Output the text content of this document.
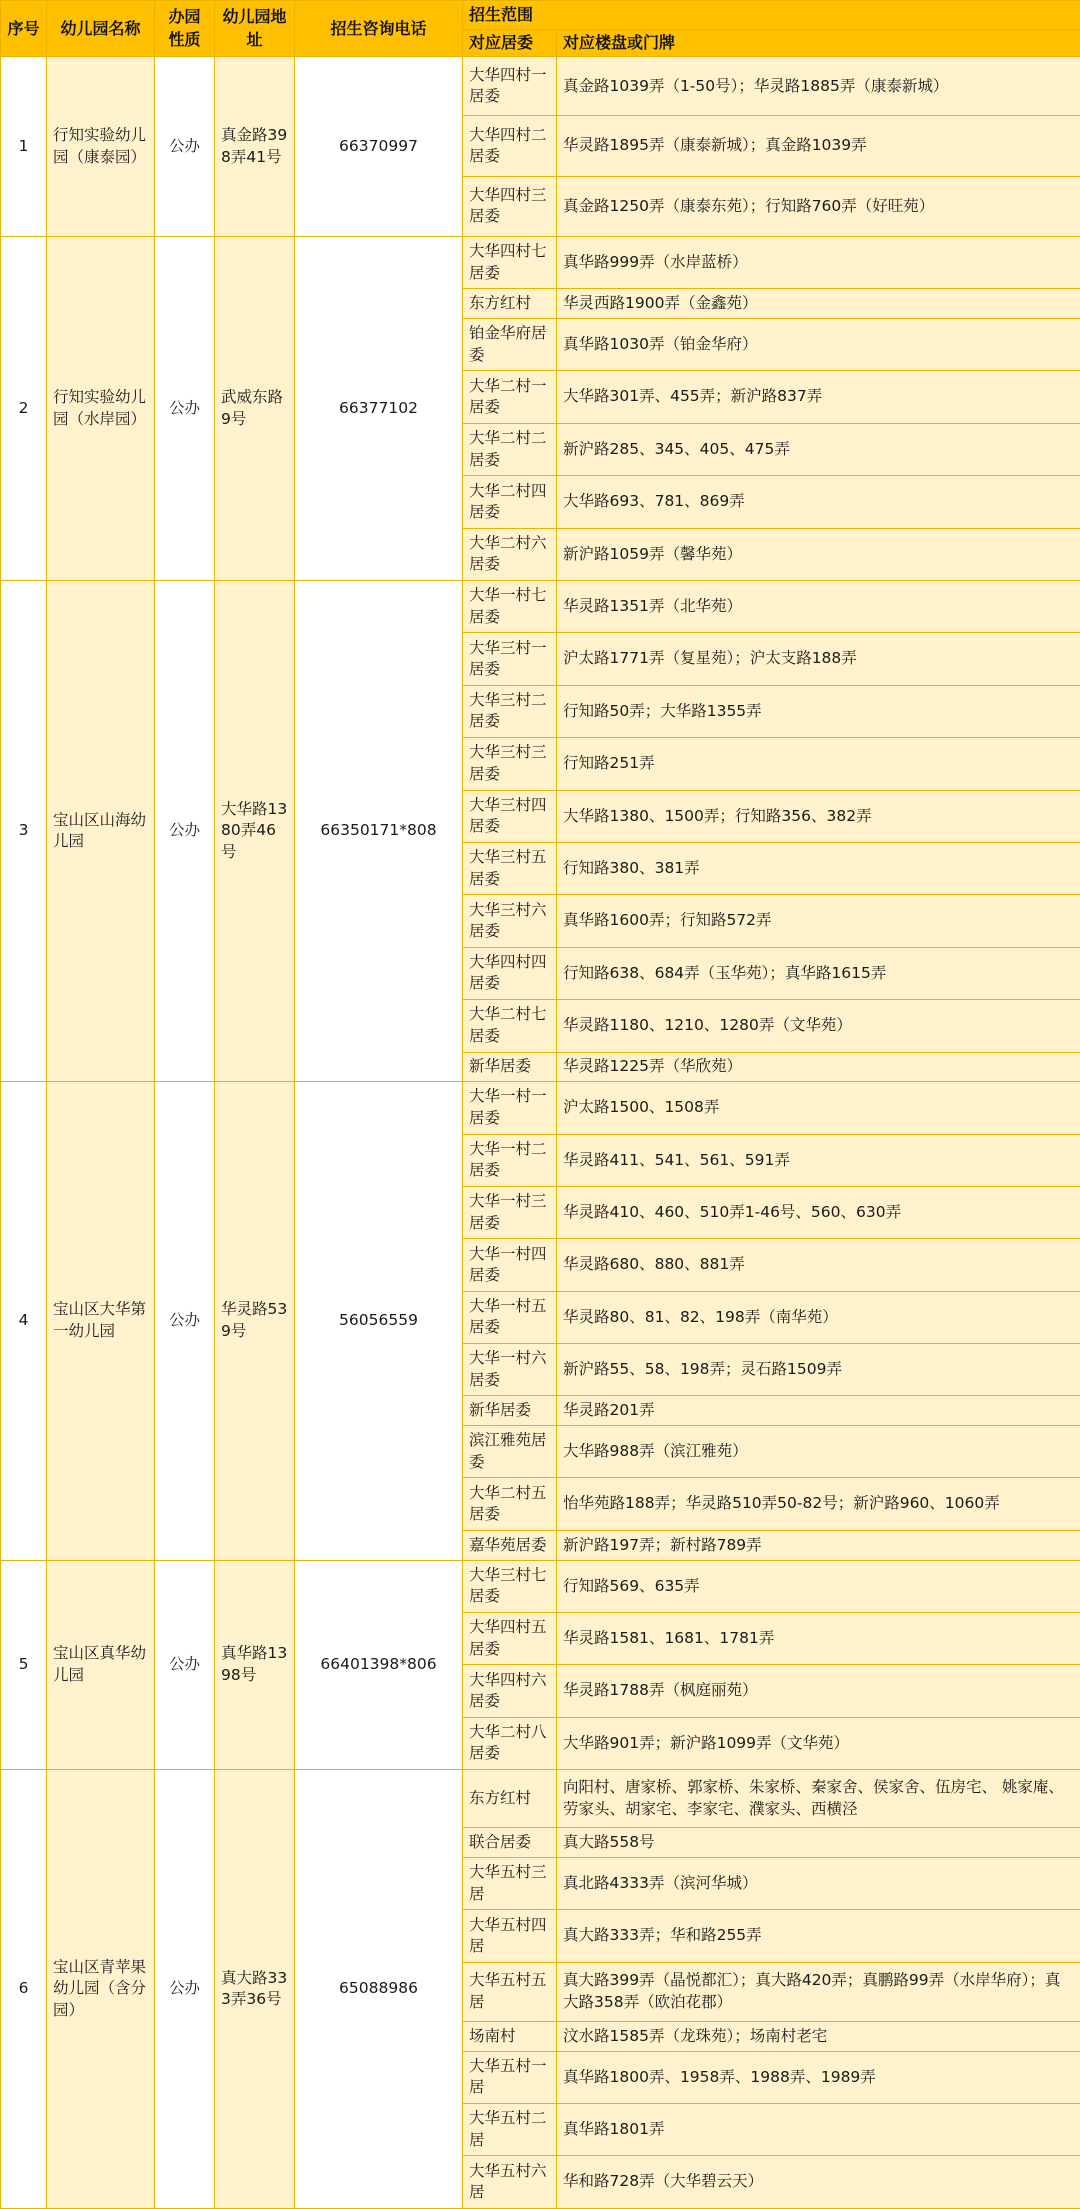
序号	幼儿园名称	办园性质	幼儿园地址	招生咨询电话	招生范围	
					对应居委	对应楼盘或门牌
1	行知实验幼儿园（康泰园）	公办	真金路398弄41号	66370997	大华四村一居委	真金路1039弄（1-50号）；华灵路1885弄（康泰新城）
					大华四村二居委	华灵路1895弄（康泰新城）；真金路1039弄
					大华四村三居委	真金路1250弄（康泰东苑）；行知路760弄（好旺苑）
2	行知实验幼儿园（水岸园）	公办	武威东路9号	66377102	大华四村七居委	真华路999弄（水岸蓝桥）
					东方红村	华灵西路1900弄（金鑫苑）
					铂金华府居委	真华路1030弄（铂金华府）
					大华二村一居委	大华路301弄、455弄；新沪路837弄
					大华二村二居委	新沪路285、345、405、475弄
					大华二村四居委	大华路693、781、869弄
					大华二村六居委	新沪路1059弄（馨华苑）
3	宝山区山海幼儿园	公办	大华路1380弄46号	66350171*808	大华一村七居委	华灵路1351弄（北华苑）
					大华三村一居委	沪太路1771弄（复星苑）；沪太支路188弄
					大华三村二居委	行知路50弄；大华路1355弄
					大华三村三居委	行知路251弄
					大华三村四居委	大华路1380、1500弄；行知路356、382弄
					大华三村五居委	行知路380、381弄
					大华三村六居委	真华路1600弄；行知路572弄
					大华四村四居委	行知路638、684弄（玉华苑）；真华路1615弄
					大华二村七居委	华灵路1180、1210、1280弄（文华苑）
					新华居委	华灵路1225弄（华欣苑）
4	宝山区大华第一幼儿园	公办	华灵路539号	56056559	大华一村一居委	沪太路1500、1508弄
					大华一村二居委	华灵路411、541、561、591弄
					大华一村三居委	华灵路410、460、510弄1-46号、560、630弄
					大华一村四居委	华灵路680、880、881弄
					大华一村五居委	华灵路80、81、82、198弄（南华苑）
					大华一村六居委	新沪路55、58、198弄；灵石路1509弄
					新华居委	华灵路201弄
					滨江雅苑居委	大华路988弄（滨江雅苑）
					大华二村五居委	怡华苑路188弄；华灵路510弄50-82号；新沪路960、1060弄
					嘉华苑居委	新沪路197弄；新村路789弄
5	宝山区真华幼儿园	公办	真华路1398号	66401398*806	大华三村七居委	行知路569、635弄
					大华四村五居委	华灵路1581、1681、1781弄
					大华四村六居委	华灵路1788弄（枫庭丽苑）
					大华二村八居委	大华路901弄；新沪路1099弄（文华苑）
6	宝山区青苹果幼儿园（含分园）	公办	真大路333弄36号	65088986	东方红村	向阳村、唐家桥、郭家桥、朱家桥、秦家舍、侯家舍、伍房宅、 姚家庵、劳家头、胡家宅、李家宅、濮家头、西横泾
					联合居委	真大路558号
					大华五村三居	真北路4333弄（滨河华城）
					大华五村四居	真大路333弄；华和路255弄
					大华五村五居	真大路399弄（晶悦都汇）；真大路420弄；真鹏路99弄（水岸华府）；真大路358弄（欧泊花郡）
					场南村	汶水路1585弄（龙珠苑）；场南村老宅
					大华五村一居	真华路1800弄、1958弄、1988弄、1989弄
					大华五村二居	真华路1801弄
					大华五村六居	华和路728弄（大华碧云天）
